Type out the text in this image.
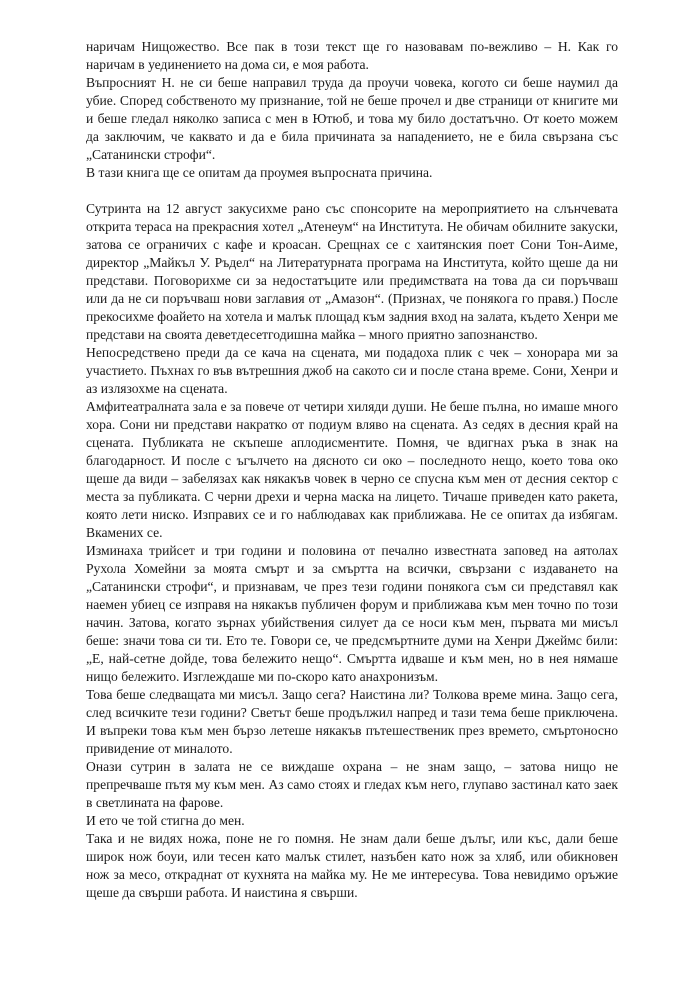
наричам Нищожество. Все пак в този текст ще го назовавам по-вежливо – Н. Как го наричам в уединението на дома си, е моя работа.

Въпросният Н. не си беше направил труда да проучи човека, когото си беше наумил да убие. Според собственото му признание, той не беше прочел и две страници от книгите ми и беше гледал няколко записа с мен в Ютюб, и това му било достатъчно. От което можем да заключим, че каквато и да е била причината за нападението, не е била свързана със „Сатанински строфи“.

В тази книга ще се опитам да проумея въпросната причина.

Сутринта на 12 август закусихме рано със спонсорите на мероприятието на слънчевата открита тераса на прекрасния хотел „Атенеум“ на Института. Не обичам обилните закуски, затова се ограничих с кафе и кроасан. Срещнах се с хаитянския поет Сони Тон-Аиме, директор „Майкъл У. Ръдел“ на Литературната програма на Института, който щеше да ни представи. Поговорихме си за недостатъците или предимствата на това да си поръчваш или да не си поръчваш нови заглавия от „Амазон“. (Признах, че понякога го правя.) После прекосихме фоайето на хотела и малък площад към задния вход на залата, където Хенри ме представи на своята деветдесетгодишна майка – много приятно запознанство.

Непосредствено преди да се кача на сцената, ми подадоха плик с чек – хонорара ми за участието. Пъхнах го във вътрешния джоб на сакото си и после стана време. Сони, Хенри и аз излязохме на сцената.

Амфитеатралната зала е за повече от четири хиляди души. Не беше пълна, но имаше много хора. Сони ни представи накратко от подиум вляво на сцената. Аз седях в десния край на сцената. Публиката не скъпеше аплодисментите. Помня, че вдигнах ръка в знак на благодарност. И после с ъгълчето на дясното си око – последното нещо, което това око щеше да види – забелязах как някакъв човек в черно се спусна към мен от десния сектор с места за публиката. С черни дрехи и черна маска на лицето. Тичаше приведен като ракета, която лети ниско. Изправих се и го наблюдавах как приближава. Не се опитах да избягам. Вкамених се.

Изминаха трийсет и три години и половина от печално известната заповед на аятолах Рухола Хомейни за моята смърт и за смъртта на всички, свързани с издаването на „Сатанински строфи“, и признавам, че през тези години понякога съм си представял как наемен убиец се изправя на някакъв публичен форум и приближава към мен точно по този начин. Затова, когато зърнах убийствения силует да се носи към мен, първата ми мисъл беше: значи това си ти. Ето те. Говори се, че предсмъртните думи на Хенри Джеймс били: „Е, най-сетне дойде, това бележито нещо“. Смъртта идваше и към мен, но в нея нямаше нищо бележито. Изглеждаше ми по-скоро като анахронизъм.

Това беше следващата ми мисъл. Защо сега? Наистина ли? Толкова време мина. Защо сега, след всичките тези години? Светът беше продължил напред и тази тема беше приключена. И въпреки това към мен бързо летеше някакъв пътешественик през времето, смъртоносно привидение от миналото.

Онази сутрин в залата не се виждаше охрана – не знам защо, – затова нищо не препречваше пътя му към мен. Аз само стоях и гледах към него, глупаво застинал като заек в светлината на фарове.

И ето че той стигна до мен.

Така и не видях ножа, поне не го помня. Не знам дали беше дълъг, или къс, дали беше широк нож боуи, или тесен като малък стилет, назъбен като нож за хляб, или обикновен нож за месо, откраднат от кухнята на майка му. Не ме интересува. Това невидимо оръжие щеше да свърши работа. И наистина я свърши.
